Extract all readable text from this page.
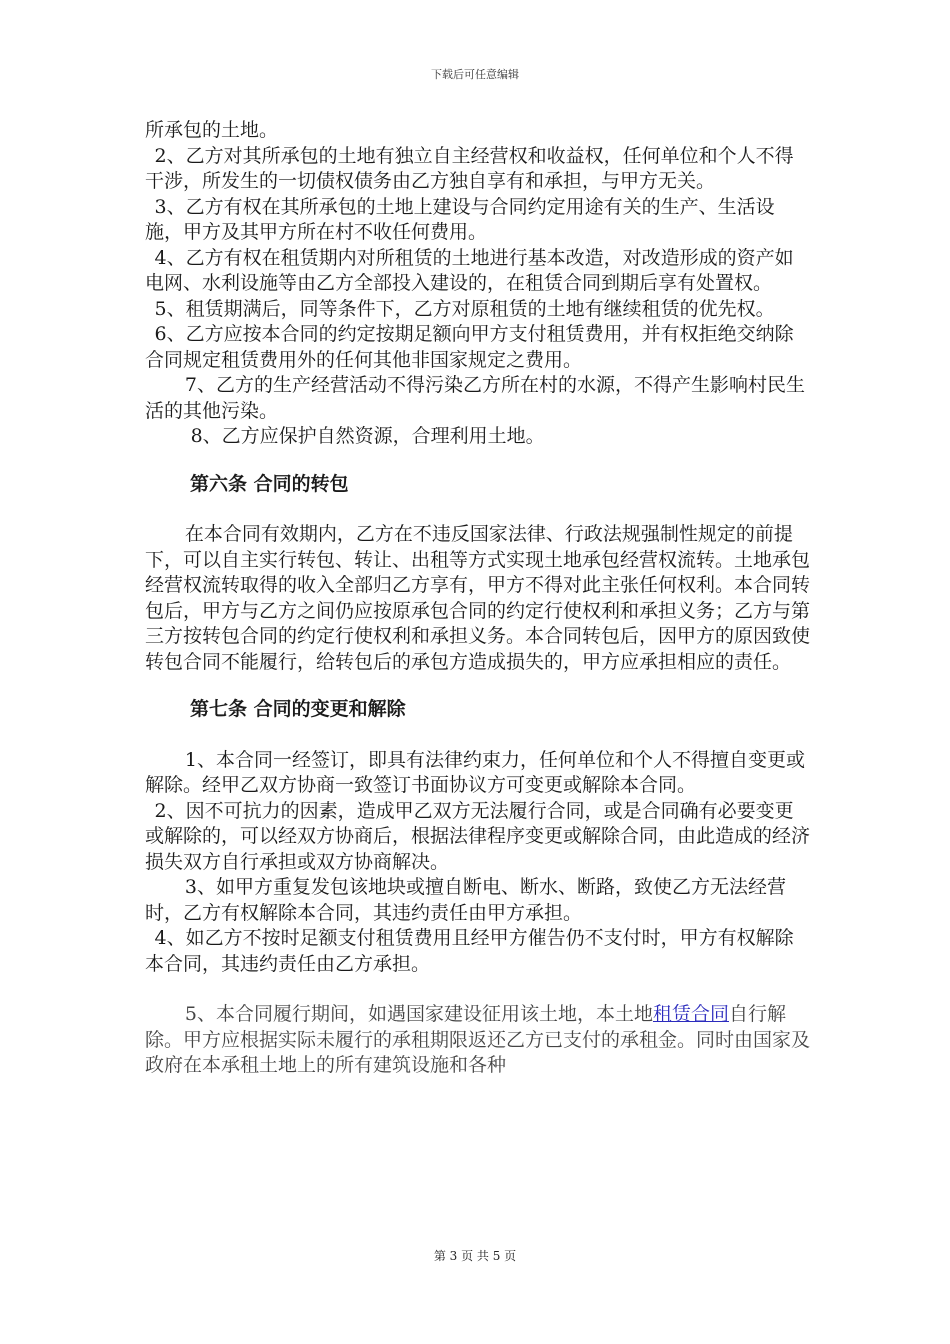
下载后可任意编辑

所承包的土地。

2、乙方对其所承包的土地有独立自主经营权和收益权，任何单位和个人不得干涉，所发生的一切债权债务由乙方独自享有和承担，与甲方无关。

3、乙方有权在其所承包的土地上建设与合同约定用途有关的生产、生活设施，甲方及其甲方所在村不收任何费用。

4、乙方有权在租赁期内对所租赁的土地进行基本改造，对改造形成的资产如电网、水利设施等由乙方全部投入建设的，在租赁合同到期后享有处置权。

5、租赁期满后，同等条件下，乙方对原租赁的土地有继续租赁的优先权。

6、乙方应按本合同的约定按期足额向甲方支付租赁费用，并有权拒绝交纳除合同规定租赁费用外的任何其他非国家规定之费用。

7、乙方的生产经营活动不得污染乙方所在村的水源，不得产生影响村民生活的其他污染。

8、乙方应保护自然资源，合理利用土地。

第六条 合同的转包

在本合同有效期内，乙方在不违反国家法律、行政法规强制性规定的前提下，可以自主实行转包、转让、出租等方式实现土地承包经营权流转。土地承包经营权流转取得的收入全部归乙方享有，甲方不得对此主张任何权利。本合同转包后，甲方与乙方之间仍应按原承包合同的约定行使权利和承担义务；乙方与第三方按转包合同的约定行使权利和承担义务。本合同转包后，因甲方的原因致使转包合同不能履行，给转包后的承包方造成损失的，甲方应承担相应的责任。

第七条 合同的变更和解除

1、本合同一经签订，即具有法律约束力，任何单位和个人不得擅自变更或解除。经甲乙双方协商一致签订书面协议方可变更或解除本合同。

2、因不可抗力的因素，造成甲乙双方无法履行合同，或是合同确有必要变更或解除的，可以经双方协商后，根据法律程序变更或解除合同，由此造成的经济损失双方自行承担或双方协商解决。

3、如甲方重复发包该地块或擅自断电、断水、断路，致使乙方无法经营时，乙方有权解除本合同，其违约责任由甲方承担。

4、如乙方不按时足额支付租赁费用且经甲方催告仍不支付时，甲方有权解除本合同，其违约责任由乙方承担。

5、本合同履行期间，如遇国家建设征用该土地，本土地租赁合同自行解除。甲方应根据实际未履行的承租期限返还乙方已支付的承租金。同时由国家及政府在本承租土地上的所有建筑设施和各种

第 3 页 共 5 页
